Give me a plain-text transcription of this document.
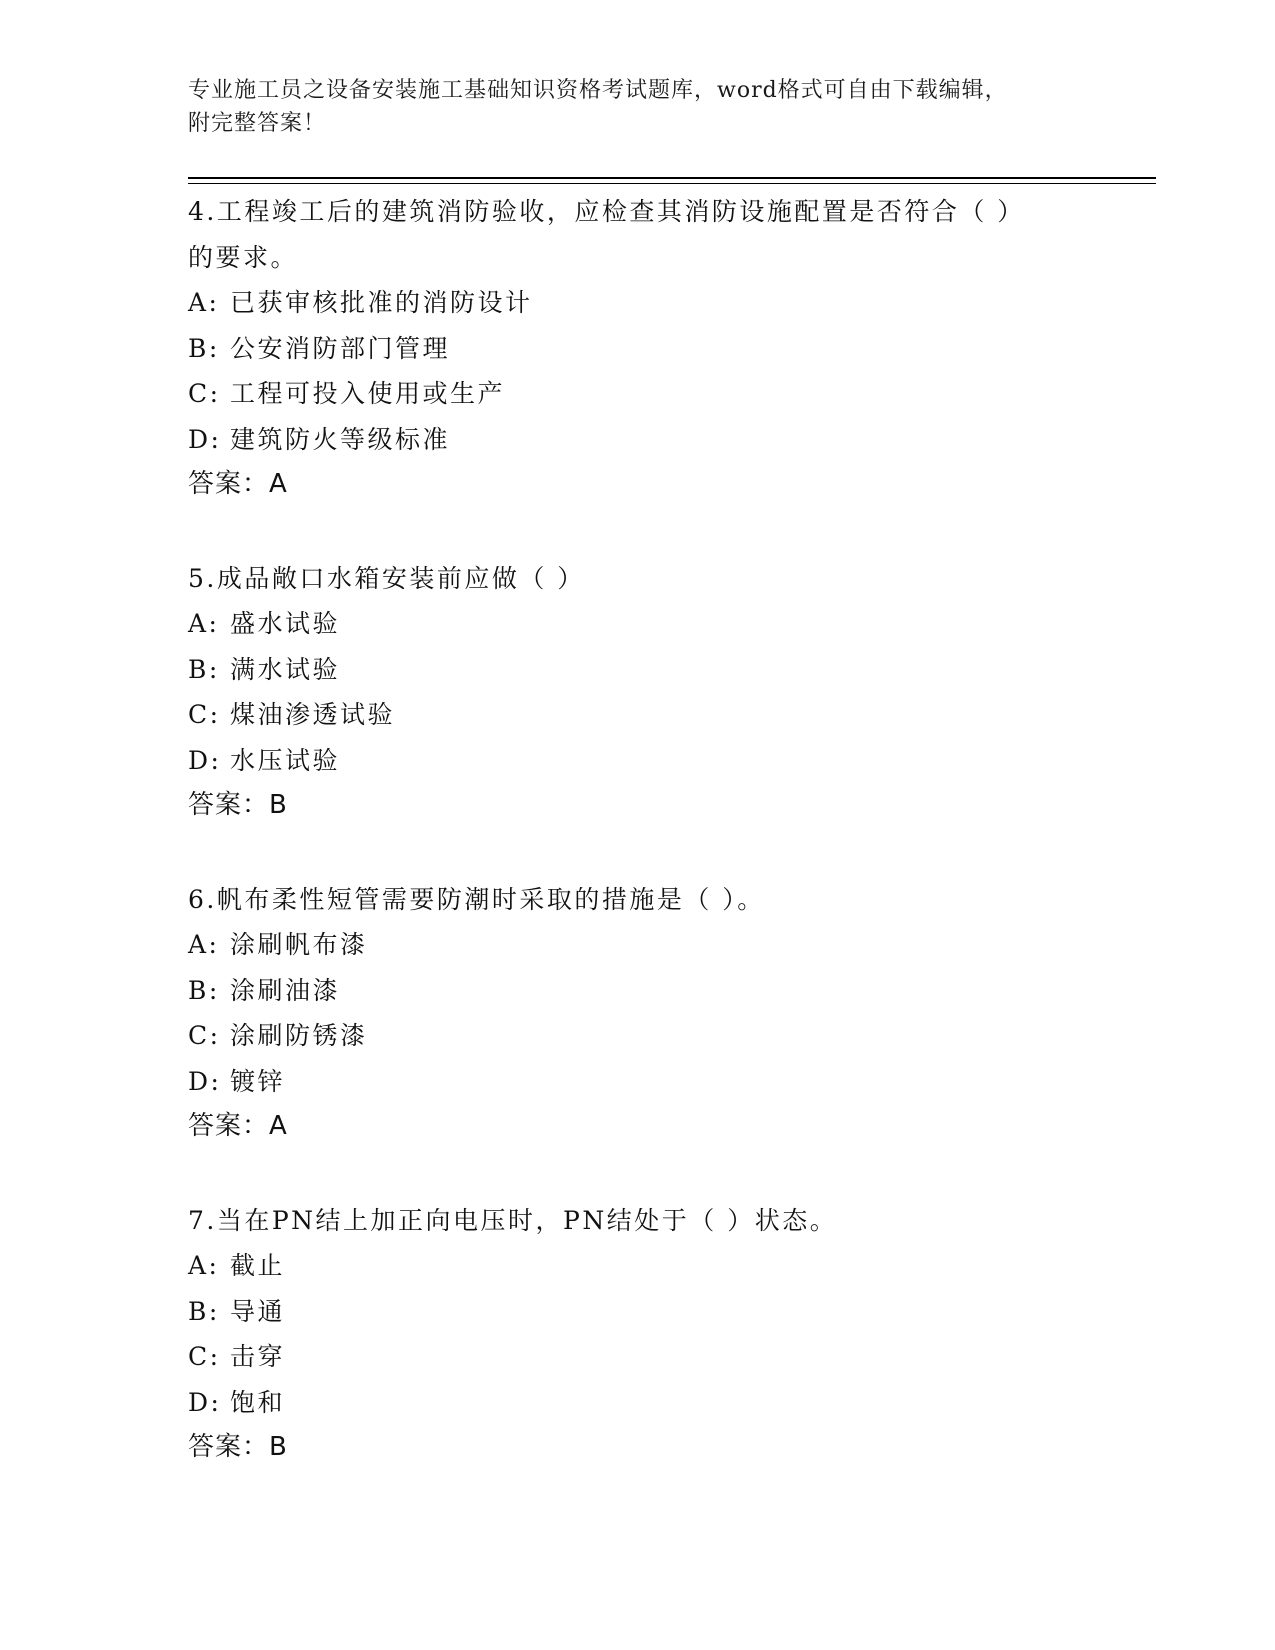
专业施工员之设备安装施工基础知识资格考试题库，word格式可自由下载编辑，
附完整答案！
4.工程竣工后的建筑消防验收，应检查其消防设施配置是否符合（ ）
的要求。
A: 已获审核批准的消防设计
B: 公安消防部门管理
C: 工程可投入使用或生产
D: 建筑防火等级标准
答案：A
5.成品敞口水箱安装前应做（ ）
A: 盛水试验
B: 满水试验
C: 煤油渗透试验
D: 水压试验
答案：B
6.帆布柔性短管需要防潮时采取的措施是（ ）。
A: 涂刷帆布漆
B: 涂刷油漆
C: 涂刷防锈漆
D: 镀锌
答案：A
7.当在PN结上加正向电压时，PN结处于（ ）状态。
A: 截止
B: 导通
C: 击穿
D: 饱和
答案：B
